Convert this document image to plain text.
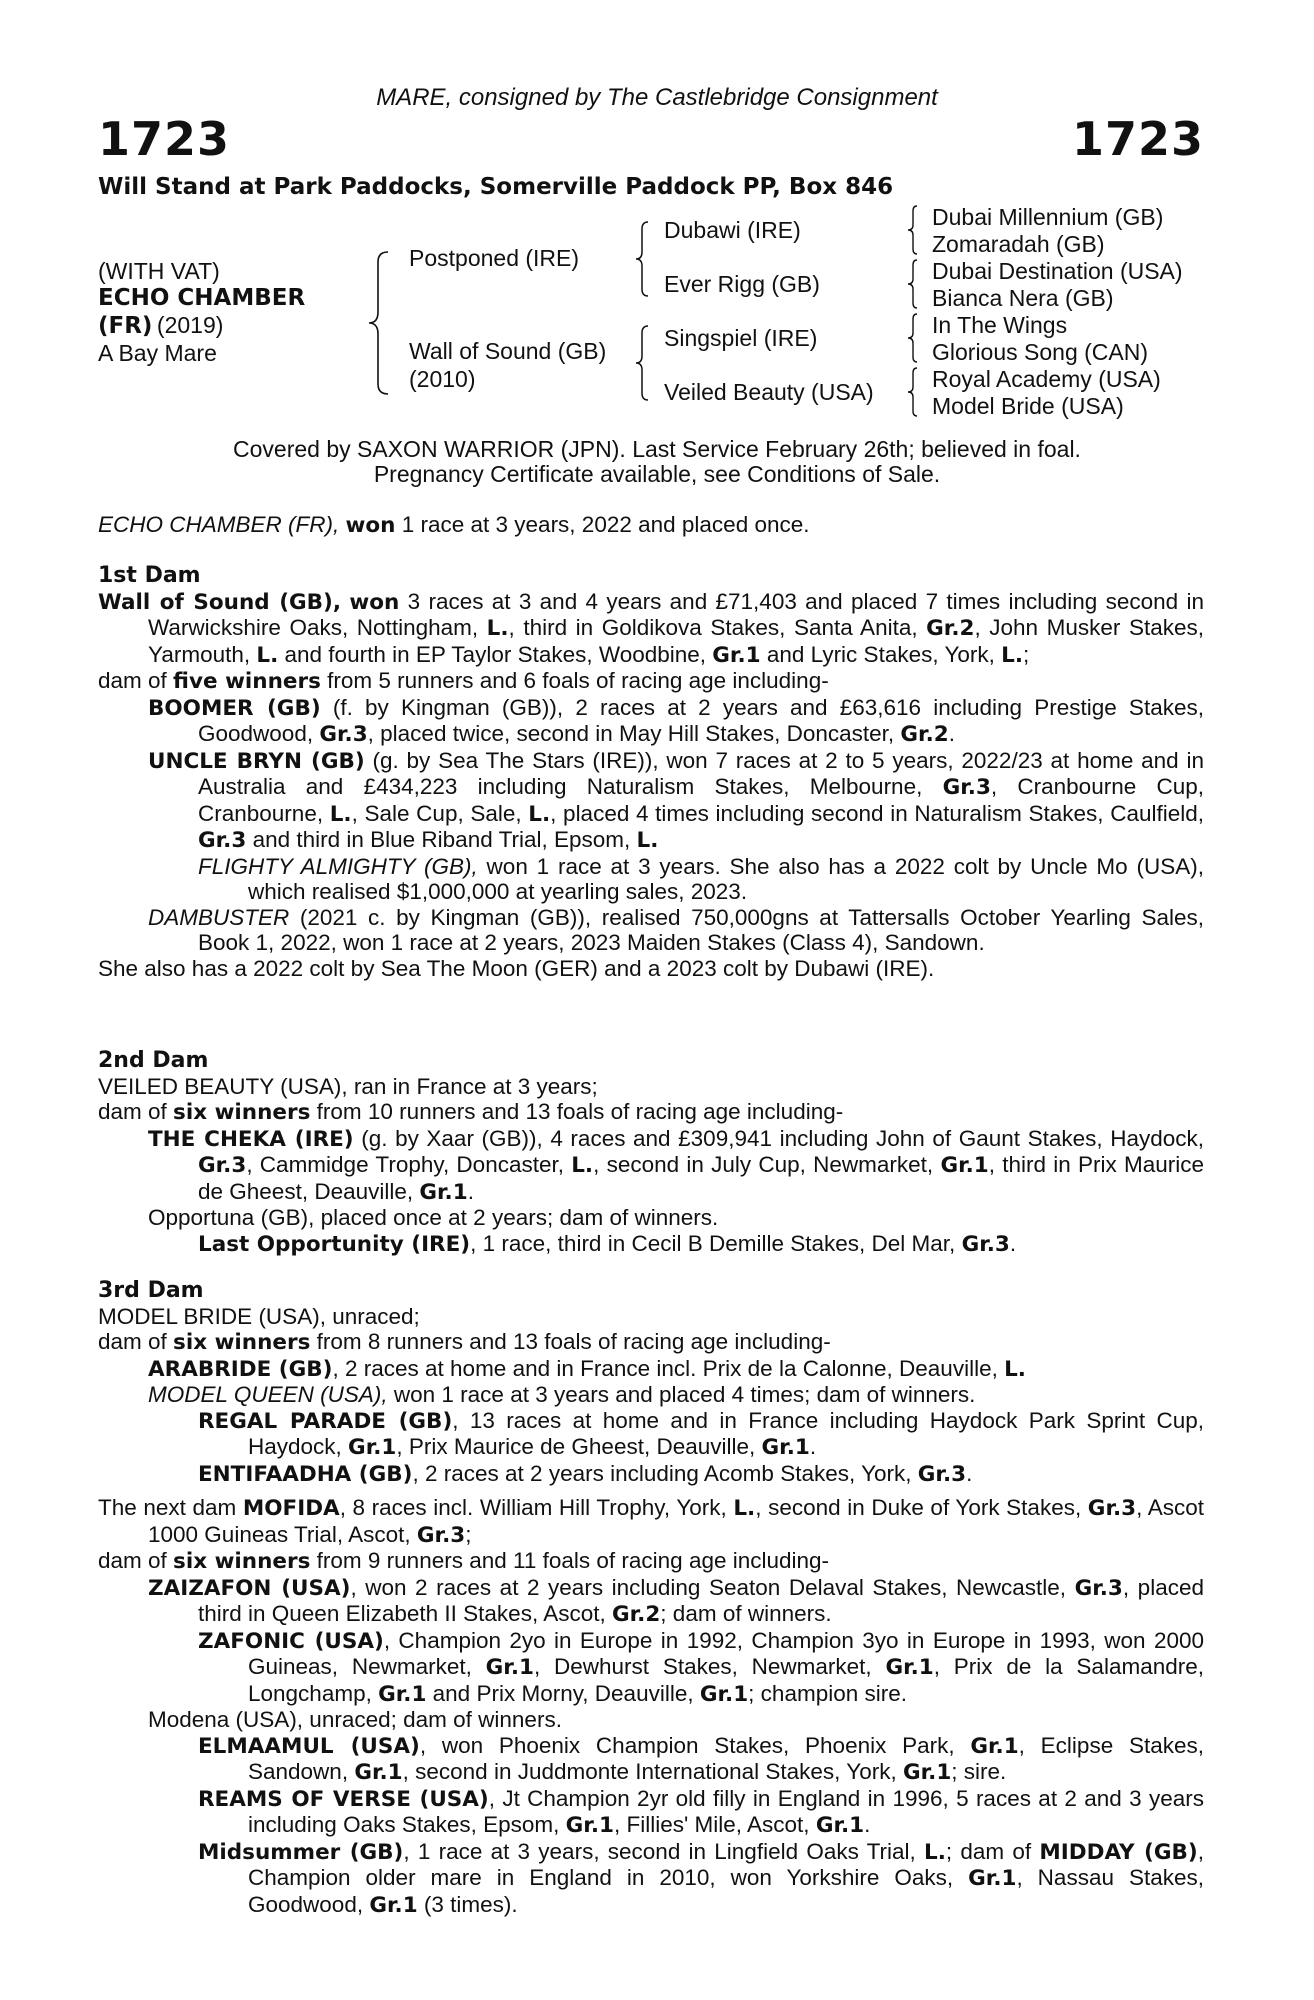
MARE, consigned by The Castlebridge Consignment
1723	1723
Will Stand at Park Paddocks, Somerville Paddock PP, Box 846
(WITH VAT)
ECHO CHAMBER
(FR) (2019)
A Bay Mare
Postponed (IRE)
Wall of Sound (GB)
(2010)
Dubawi (IRE)
Ever Rigg (GB)
Singspiel (IRE)
Veiled Beauty (USA)
Dubai Millennium (GB)
Zomaradah (GB)
Dubai Destination (USA)
Bianca Nera (GB)
In The Wings
Glorious Song (CAN)
Royal Academy (USA)
Model Bride (USA)
Covered by SAXON WARRIOR (JPN). Last Service February 26th; believed in foal.
Pregnancy Certificate available, see Conditions of Sale.

ECHO CHAMBER (FR), won 1 race at 3 years, 2022 and placed once.

1st Dam

Wall of Sound (GB), won 3 races at 3 and 4 years and £71,403 and placed 7 times including second in Warwickshire Oaks, Nottingham, L., third in Goldikova Stakes, Santa Anita, Gr.2, John Musker Stakes, Yarmouth, L. and fourth in EP Taylor Stakes, Woodbine, Gr.1 and Lyric Stakes, York, L.;

dam of five winners from 5 runners and 6 foals of racing age including-

BOOMER (GB) (f. by Kingman (GB)), 2 races at 2 years and £63,616 including Prestige Stakes, Goodwood, Gr.3, placed twice, second in May Hill Stakes, Doncaster, Gr.2.

UNCLE BRYN (GB) (g. by Sea The Stars (IRE)), won 7 races at 2 to 5 years, 2022/23 at home and in Australia and £434,223 including Naturalism Stakes, Melbourne, Gr.3, Cranbourne Cup, Cranbourne, L., Sale Cup, Sale, L., placed 4 times including second in Naturalism Stakes, Caulfield, Gr.3 and third in Blue Riband Trial, Epsom, L.

FLIGHTY ALMIGHTY (GB), won 1 race at 3 years. She also has a 2022 colt by Uncle Mo (USA), which realised $1,000,000 at yearling sales, 2023.

DAMBUSTER (2021 c. by Kingman (GB)), realised 750,000gns at Tattersalls October Yearling Sales, Book 1, 2022, won 1 race at 2 years, 2023 Maiden Stakes (Class 4), Sandown.

She also has a 2022 colt by Sea The Moon (GER) and a 2023 colt by Dubawi (IRE).

2nd Dam

VEILED BEAUTY (USA), ran in France at 3 years;

dam of six winners from 10 runners and 13 foals of racing age including-

THE CHEKA (IRE) (g. by Xaar (GB)), 4 races and £309,941 including John of Gaunt Stakes, Haydock, Gr.3, Cammidge Trophy, Doncaster, L., second in July Cup, Newmarket, Gr.1, third in Prix Maurice de Gheest, Deauville, Gr.1.

Opportuna (GB), placed once at 2 years; dam of winners.

Last Opportunity (IRE), 1 race, third in Cecil B Demille Stakes, Del Mar, Gr.3.

3rd Dam

MODEL BRIDE (USA), unraced;

dam of six winners from 8 runners and 13 foals of racing age including-

ARABRIDE (GB), 2 races at home and in France incl. Prix de la Calonne, Deauville, L.

MODEL QUEEN (USA), won 1 race at 3 years and placed 4 times; dam of winners.

REGAL PARADE (GB), 13 races at home and in France including Haydock Park Sprint Cup, Haydock, Gr.1, Prix Maurice de Gheest, Deauville, Gr.1.

ENTIFAADHA (GB), 2 races at 2 years including Acomb Stakes, York, Gr.3.

The next dam MOFIDA, 8 races incl. William Hill Trophy, York, L., second in Duke of York Stakes, Gr.3, Ascot 1000 Guineas Trial, Ascot, Gr.3;

dam of six winners from 9 runners and 11 foals of racing age including-

ZAIZAFON (USA), won 2 races at 2 years including Seaton Delaval Stakes, Newcastle, Gr.3, placed third in Queen Elizabeth II Stakes, Ascot, Gr.2; dam of winners.

ZAFONIC (USA), Champion 2yo in Europe in 1992, Champion 3yo in Europe in 1993, won 2000 Guineas, Newmarket, Gr.1, Dewhurst Stakes, Newmarket, Gr.1, Prix de la Salamandre, Longchamp, Gr.1 and Prix Morny, Deauville, Gr.1; champion sire.

Modena (USA), unraced; dam of winners.

ELMAAMUL (USA), won Phoenix Champion Stakes, Phoenix Park, Gr.1, Eclipse Stakes, Sandown, Gr.1, second in Juddmonte International Stakes, York, Gr.1; sire.

REAMS OF VERSE (USA), Jt Champion 2yr old filly in England in 1996, 5 races at 2 and 3 years including Oaks Stakes, Epsom, Gr.1, Fillies' Mile, Ascot, Gr.1.

Midsummer (GB), 1 race at 3 years, second in Lingfield Oaks Trial, L.; dam of MIDDAY (GB), Champion older mare in England in 2010, won Yorkshire Oaks, Gr.1, Nassau Stakes, Goodwood, Gr.1 (3 times).
